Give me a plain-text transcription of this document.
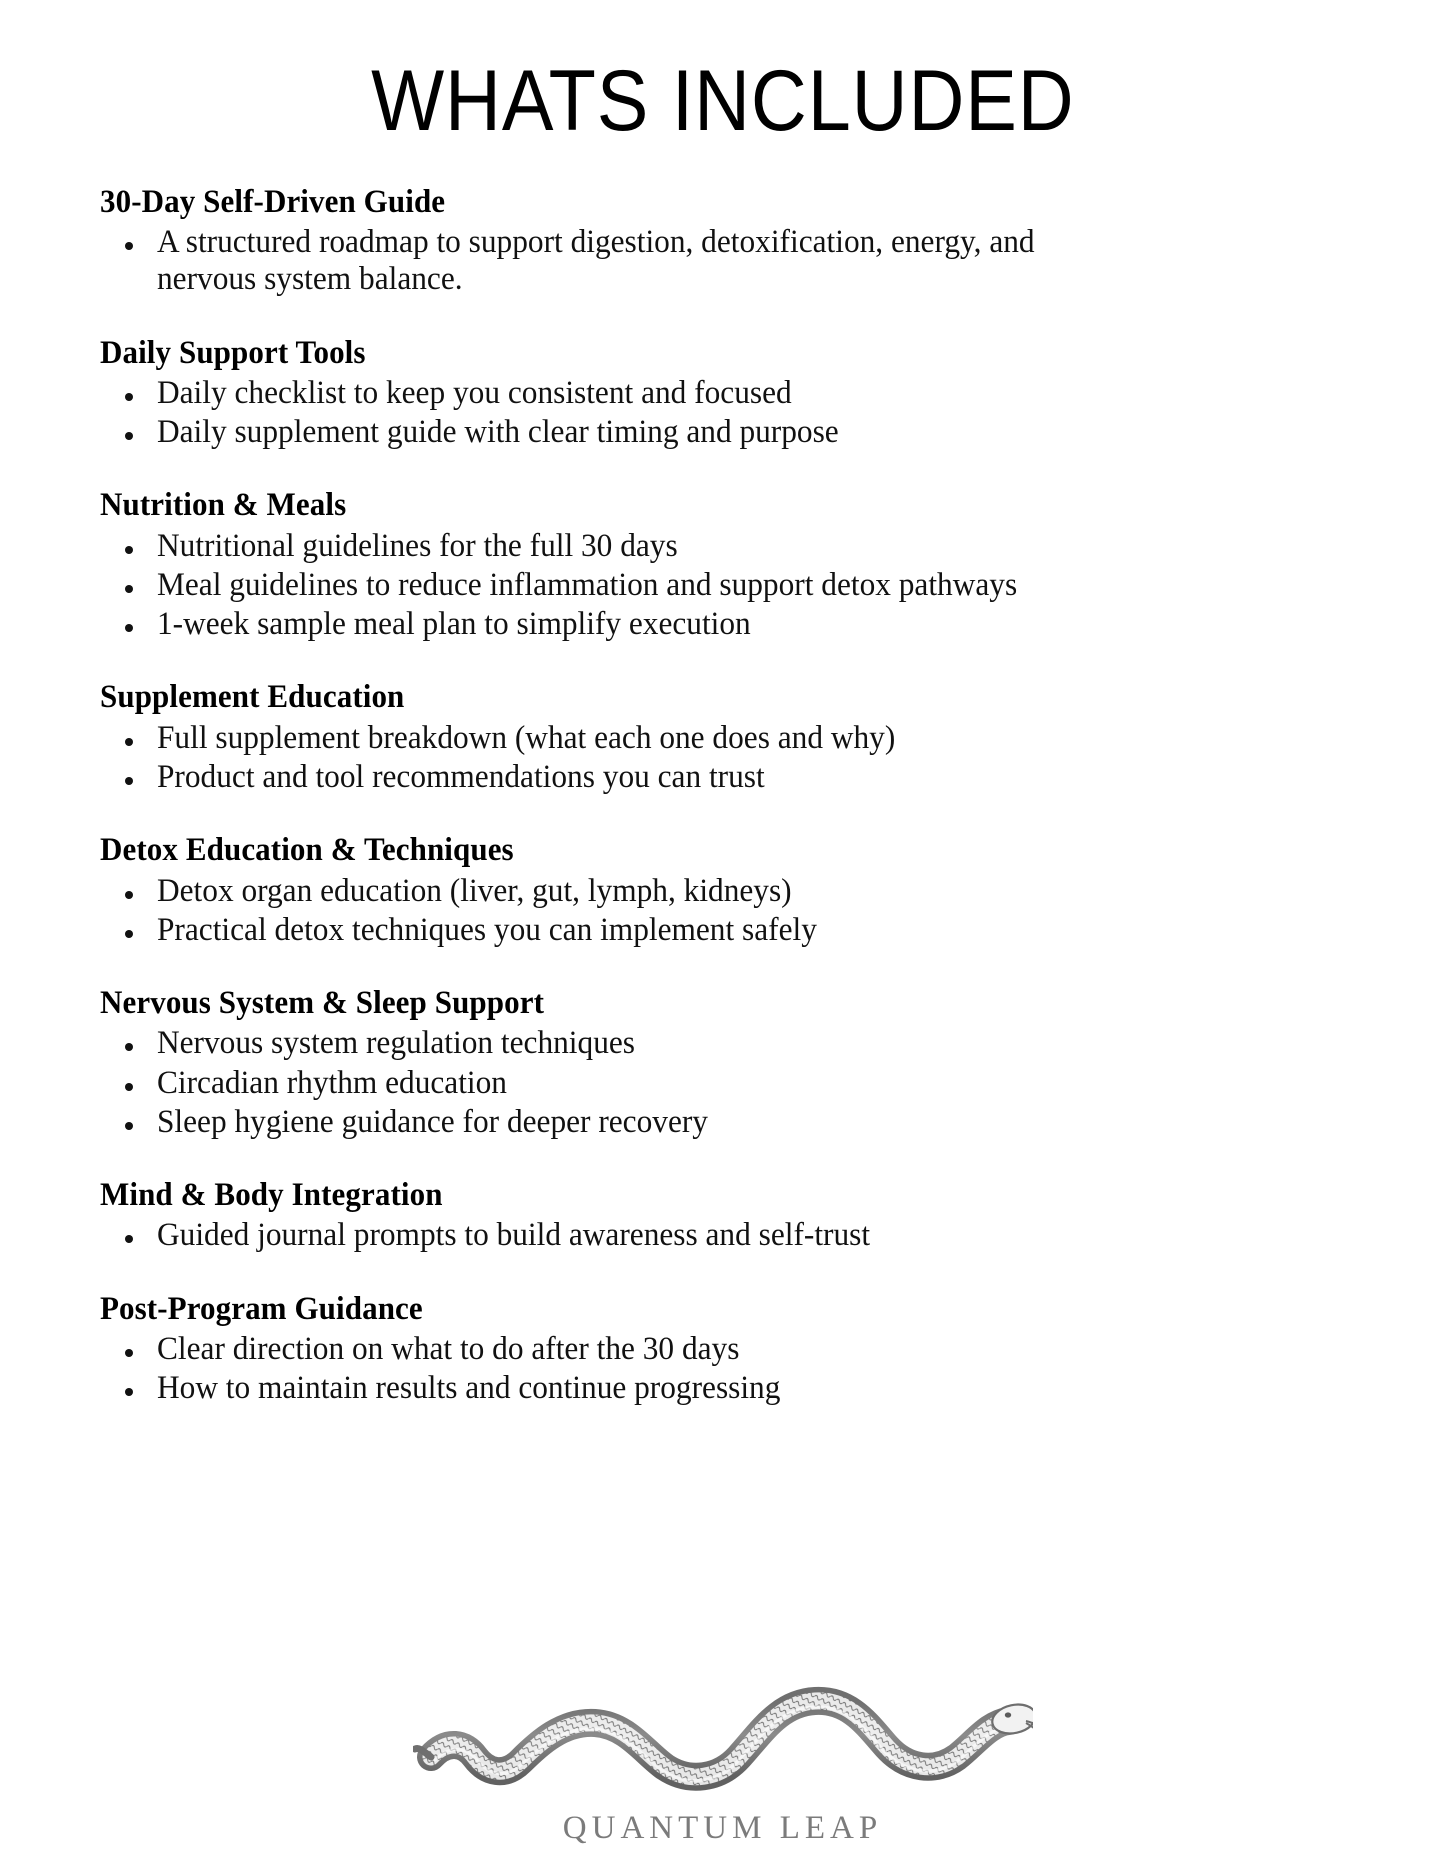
WHATS INCLUDED
30-Day Self-Driven Guide
A structured roadmap to support digestion, detoxification, energy, and nervous system balance.
Daily Support Tools
Daily checklist to keep you consistent and focused
Daily supplement guide with clear timing and purpose
Nutrition & Meals
Nutritional guidelines for the full 30 days
Meal guidelines to reduce inflammation and support detox pathways
1-week sample meal plan to simplify execution
Supplement Education
Full supplement breakdown (what each one does and why)
Product and tool recommendations you can trust
Detox Education & Techniques
Detox organ education (liver, gut, lymph, kidneys)
Practical detox techniques you can implement safely
Nervous System & Sleep Support
Nervous system regulation techniques
Circadian rhythm education
Sleep hygiene guidance for deeper recovery
Mind & Body Integration
Guided journal prompts to build awareness and self-trust
Post-Program Guidance
Clear direction on what to do after the 30 days
How to maintain results and continue progressing
QUANTUM LEAP
